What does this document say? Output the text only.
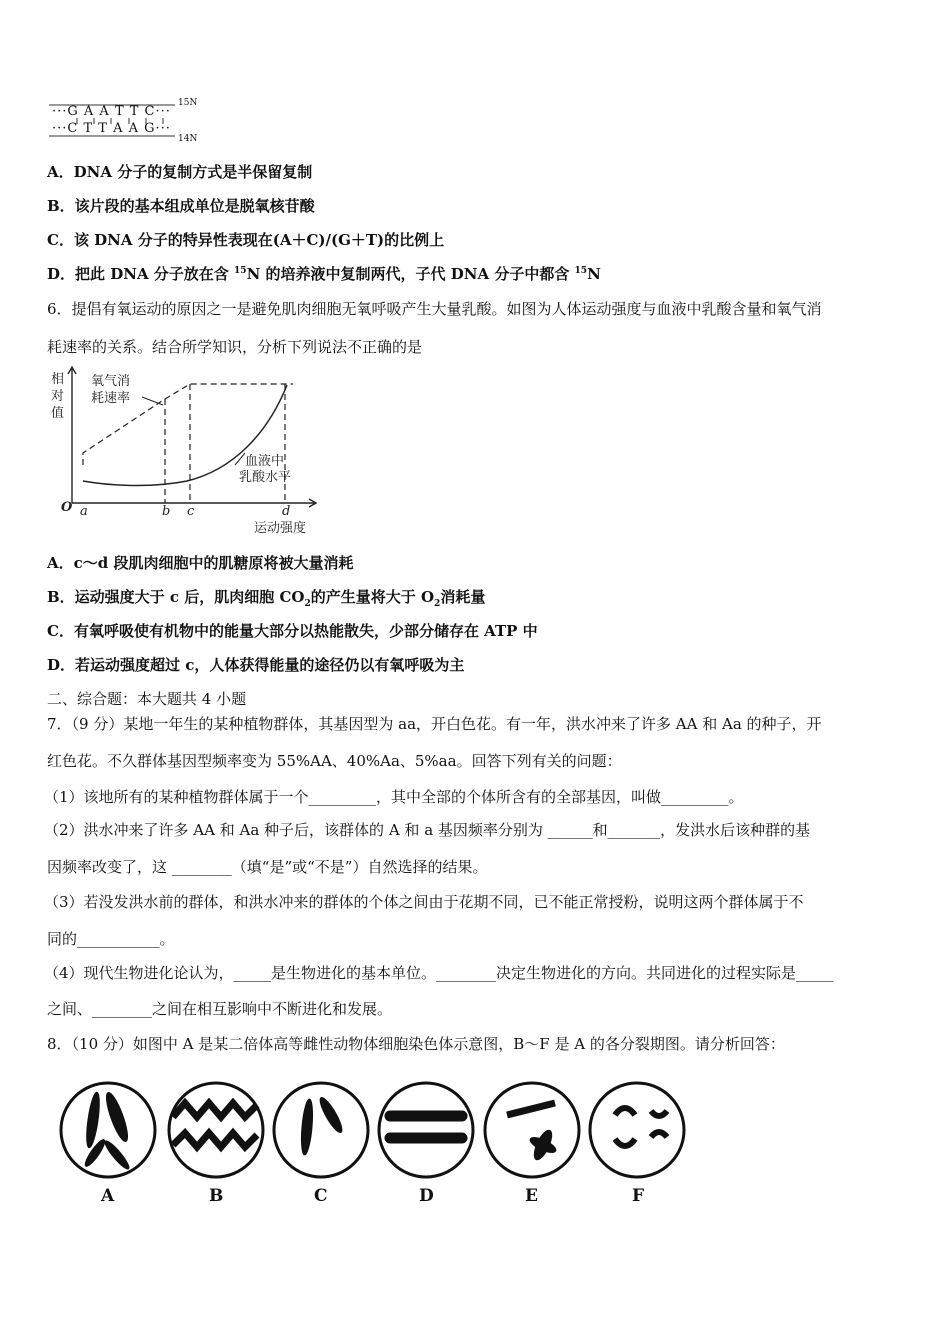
···G A A T T C···
···C T T A A G···
15N
14N
A．DNA 分子的复制方式是半保留复制
B．该片段的基本组成单位是脱氧核苷酸
C．该 DNA 分子的特异性表现在(A＋C)/(G＋T)的比例上
D．把此 DNA 分子放在含 $^{15}$N 的培养液中复制两代，子代 DNA 分子中都含 $^{15}$N
6．提倡有氧运动的原因之一是避免肌肉细胞无氧呼吸产生大量乳酸。如图为人体运动强度与血液中乳酸含量和氧气消
耗速率的关系。结合所学知识，分析下列说法不正确的是
相
对
值
氧气消
耗速率
血液中
乳酸水平
O a	b c	d
运动强度
A．c～d 段肌肉细胞中的肌糖原将被大量消耗
B．运动强度大于 c 后，肌肉细胞 $CO_2$的产生量将大于 $O_2$消耗量
C．有氧呼吸使有机物中的能量大部分以热能散失，少部分储存在 ATP 中
D．若运动强度超过 c，人体获得能量的途径仍以有氧呼吸为主
二、综合题：本大题共 4 小题
7．（9 分）某地一年生的某种植物群体，其基因型为 aa，开白色花。有一年，洪水冲来了许多 AA 和 Aa 的种子，开
红色花。不久群体基因型频率变为 55%AA、40%Aa、5%aa。回答下列有关的问题：
（1）该地所有的某种植物群体属于一个_________，其中全部的个体所含有的全部基因，叫做_________。
（2）洪水冲来了许多 AA 和 Aa 种子后，该群体的 A 和 a 基因频率分别为 ______和_______，发洪水后该种群的基
因频率改变了，这 ________（填“是”或“不是”）自然选择的结果。
（3）若没发洪水前的群体，和洪水冲来的群体的个体之间由于花期不同，已不能正常授粉，说明这两个群体属于不
同的___________。
（4）现代生物进化论认为，_____是生物进化的基本单位。________决定生物进化的方向。共同进化的过程实际是_____
之间、________之间在相互影响中不断进化和发展。
8．（10 分）如图中 A 是某二倍体高等雌性动物体细胞染色体示意图，B～F 是 A 的各分裂期图。请分析回答：
A	B	C	D	E	F
